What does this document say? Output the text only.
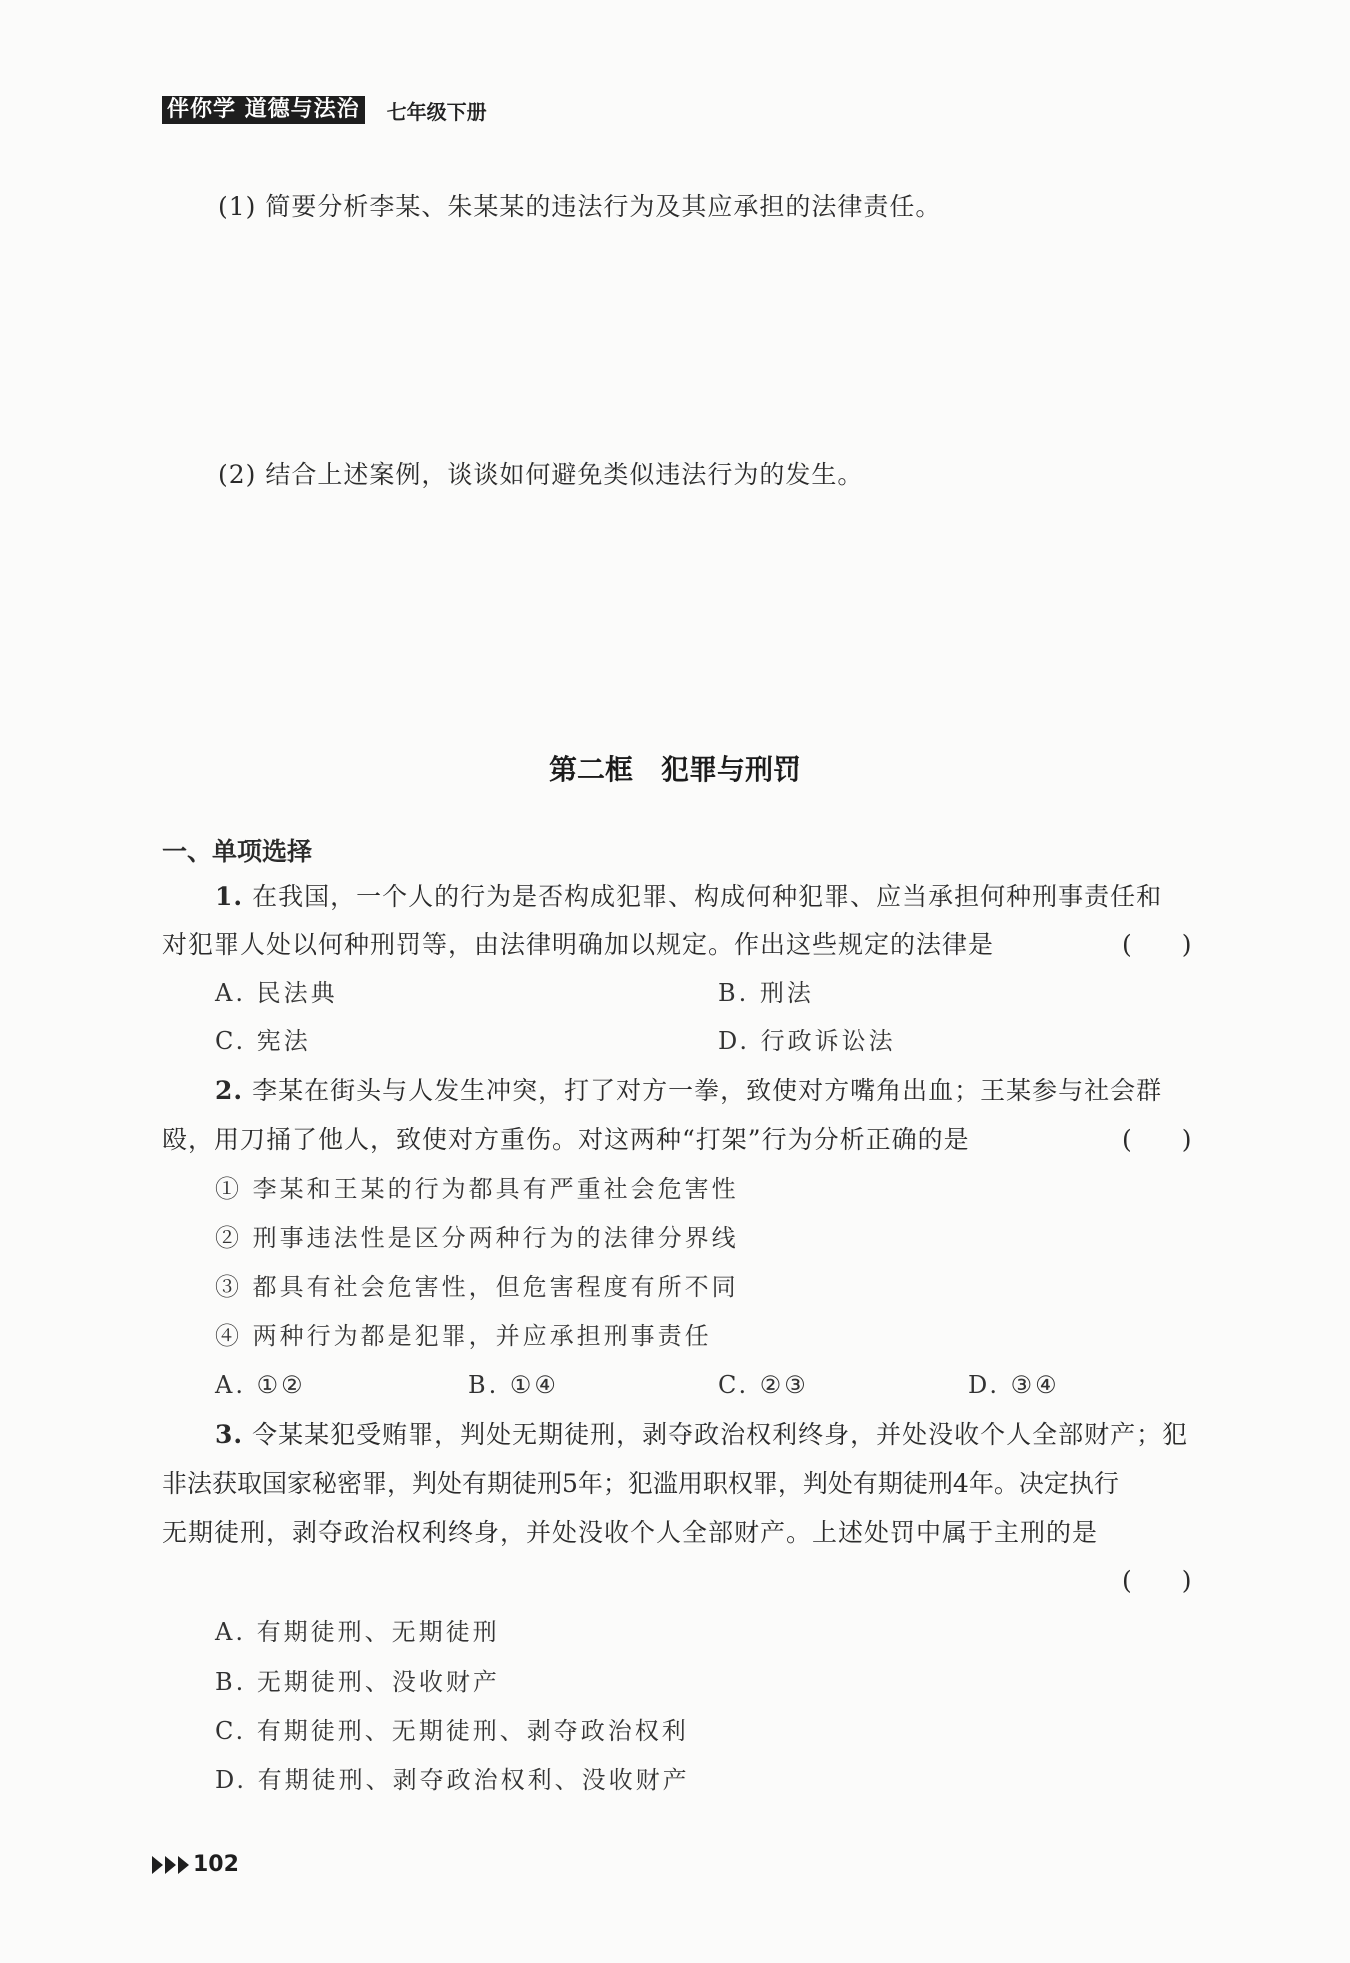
伴你学 道德与法治 七年级下册
(1) 简要分析李某、朱某某的违法行为及其应承担的法律责任。
(2) 结合上述案例，谈谈如何避免类似违法行为的发生。
第二框　犯罪与刑罚
一、单项选择
1. 在我国，一个人的行为是否构成犯罪、构成何种犯罪、应当承担何种刑事责任和
对犯罪人处以何种刑罚等，由法律明确加以规定。作出这些规定的法律是	(　　)
A. 民法典	B. 刑法
C. 宪法	D. 行政诉讼法
2. 李某在街头与人发生冲突，打了对方一拳，致使对方嘴角出血；王某参与社会群
殴，用刀捅了他人，致使对方重伤。对这两种“打架”行为分析正确的是	(　　)
① 李某和王某的行为都具有严重社会危害性
② 刑事违法性是区分两种行为的法律分界线
③ 都具有社会危害性，但危害程度有所不同
④ 两种行为都是犯罪，并应承担刑事责任
A. ①②	B. ①④	C. ②③	D. ③④
3. 令某某犯受贿罪，判处无期徒刑，剥夺政治权利终身，并处没收个人全部财产；犯
非法获取国家秘密罪，判处有期徒刑5年；犯滥用职权罪，判处有期徒刑4年。决定执行
无期徒刑，剥夺政治权利终身，并处没收个人全部财产。上述处罚中属于主刑的是
(　　)
A. 有期徒刑、无期徒刑
B. 无期徒刑、没收财产
C. 有期徒刑、无期徒刑、剥夺政治权利
D. 有期徒刑、剥夺政治权利、没收财产
102
